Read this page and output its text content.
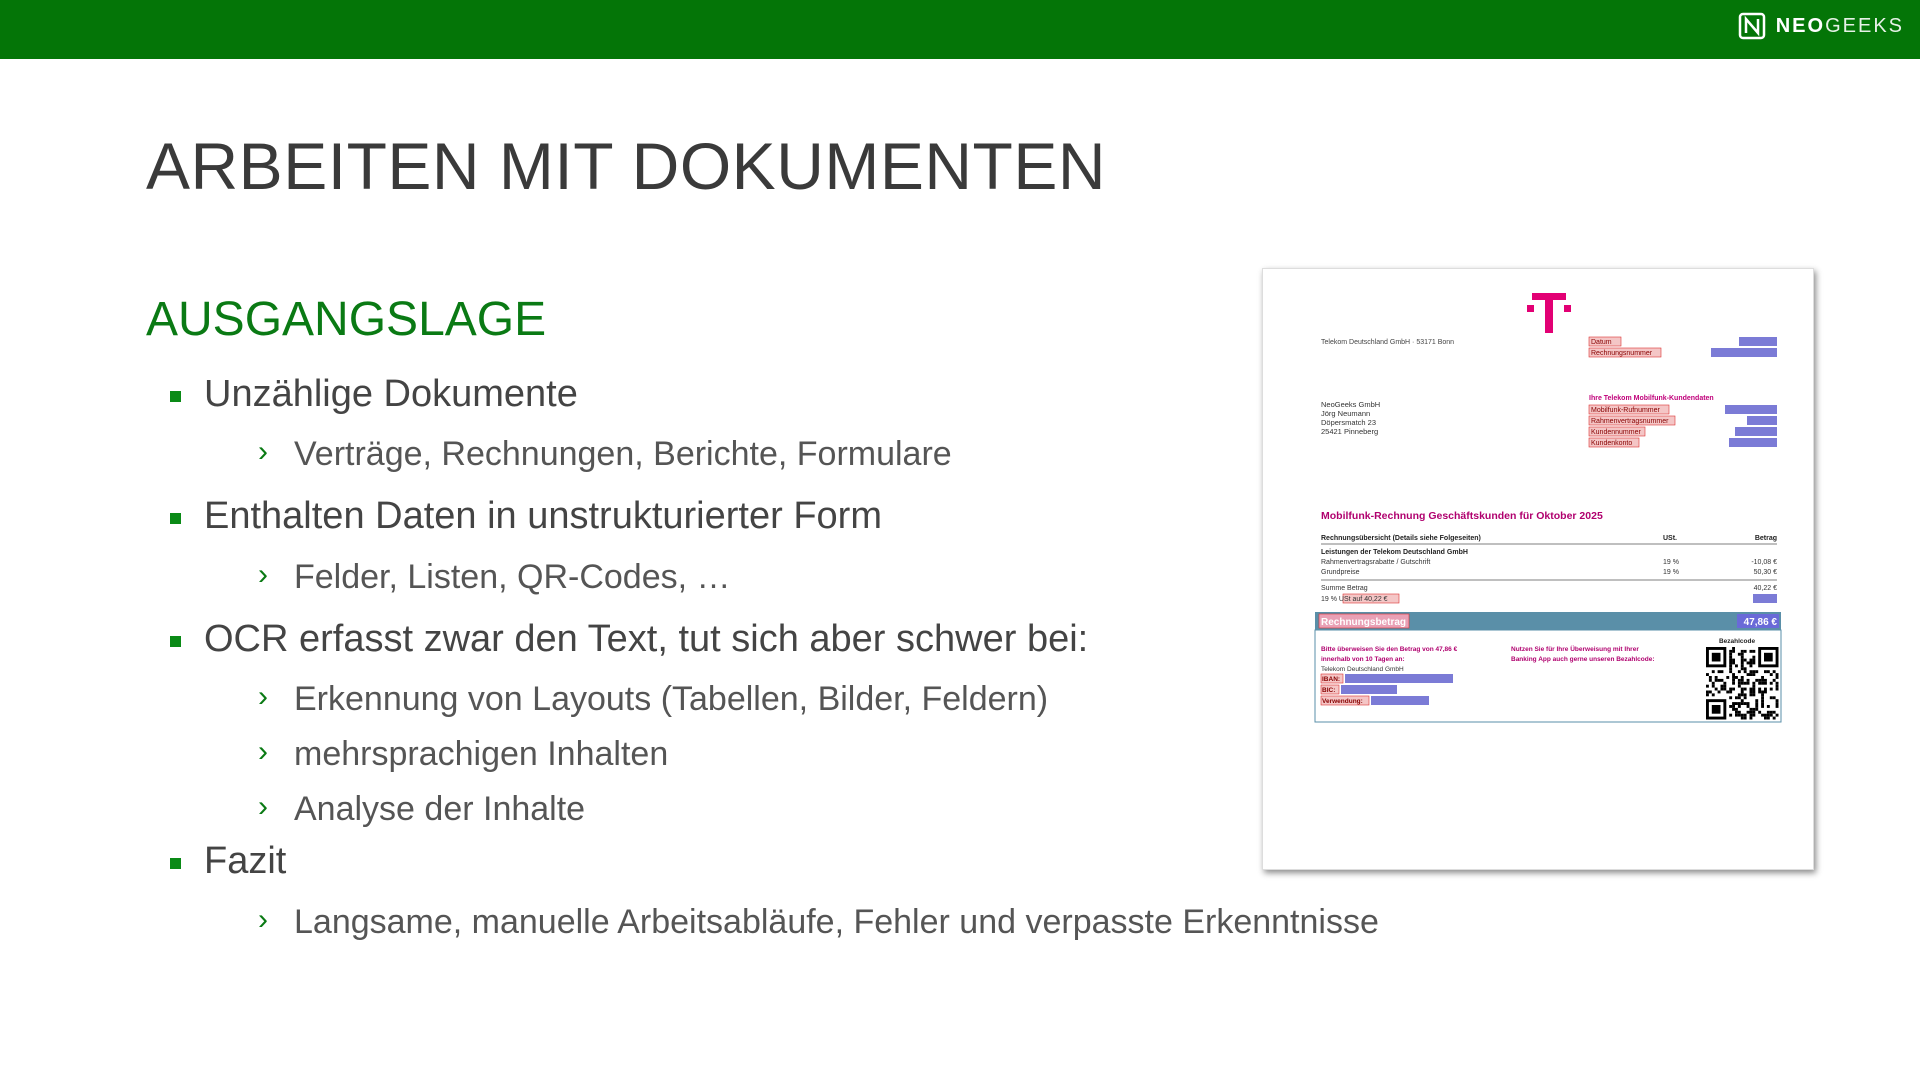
NEOGEEKS
ARBEITEN MIT DOKUMENTEN
AUSGANGSLAGE
Unzählige Dokumente
› Verträge, Rechnungen, Berichte, Formulare
Enthalten Daten in unstrukturierter Form
› Felder, Listen, QR-Codes, …
OCR erfasst zwar den Text, tut sich aber schwer bei:
› Erkennung von Layouts (Tabellen, Bilder, Feldern)
› mehrsprachigen Inhalten
› Analyse der Inhalte
Fazit
› Langsame, manuelle Arbeitsabläufe, Fehler und verpasste Erkenntnisse
Telekom Deutschland GmbH · 53171 Bonn	Datum
Rechnungsnummer
NeoGeeks GmbH Jörg Neumann Döpersmatch 23 25421 Pinneberg
Ihre Telekom Mobilfunk-Kundendaten
Mobilfunk-Rufnummer
Rahmenvertragsnummer
Kundennummer
Kundenkonto
Mobilfunk-Rechnung Geschäftskunden für Oktober 2025
Rechnungsübersicht (Details siehe Folgeseiten)	USt.	Betrag
Leistungen der Telekom Deutschland GmbH
Rahmenvertragsrabatte / Gutschrift	19 %	-10,08 €
Grundpreise	19 %	50,30 €
Summe Betrag	40,22 €
19 % USt auf 40,22 €
Rechnungsbetrag	47,86 €
Bitte überweisen Sie den Betrag von 47,86 € innerhalb von 10 Tagen an:
Telekom Deutschland GmbH
IBAN:
BIC:
Verwendung:
Nutzen Sie für Ihre Überweisung mit Ihrer Banking App auch gerne unseren Bezahlcode:
Bezahlcode
